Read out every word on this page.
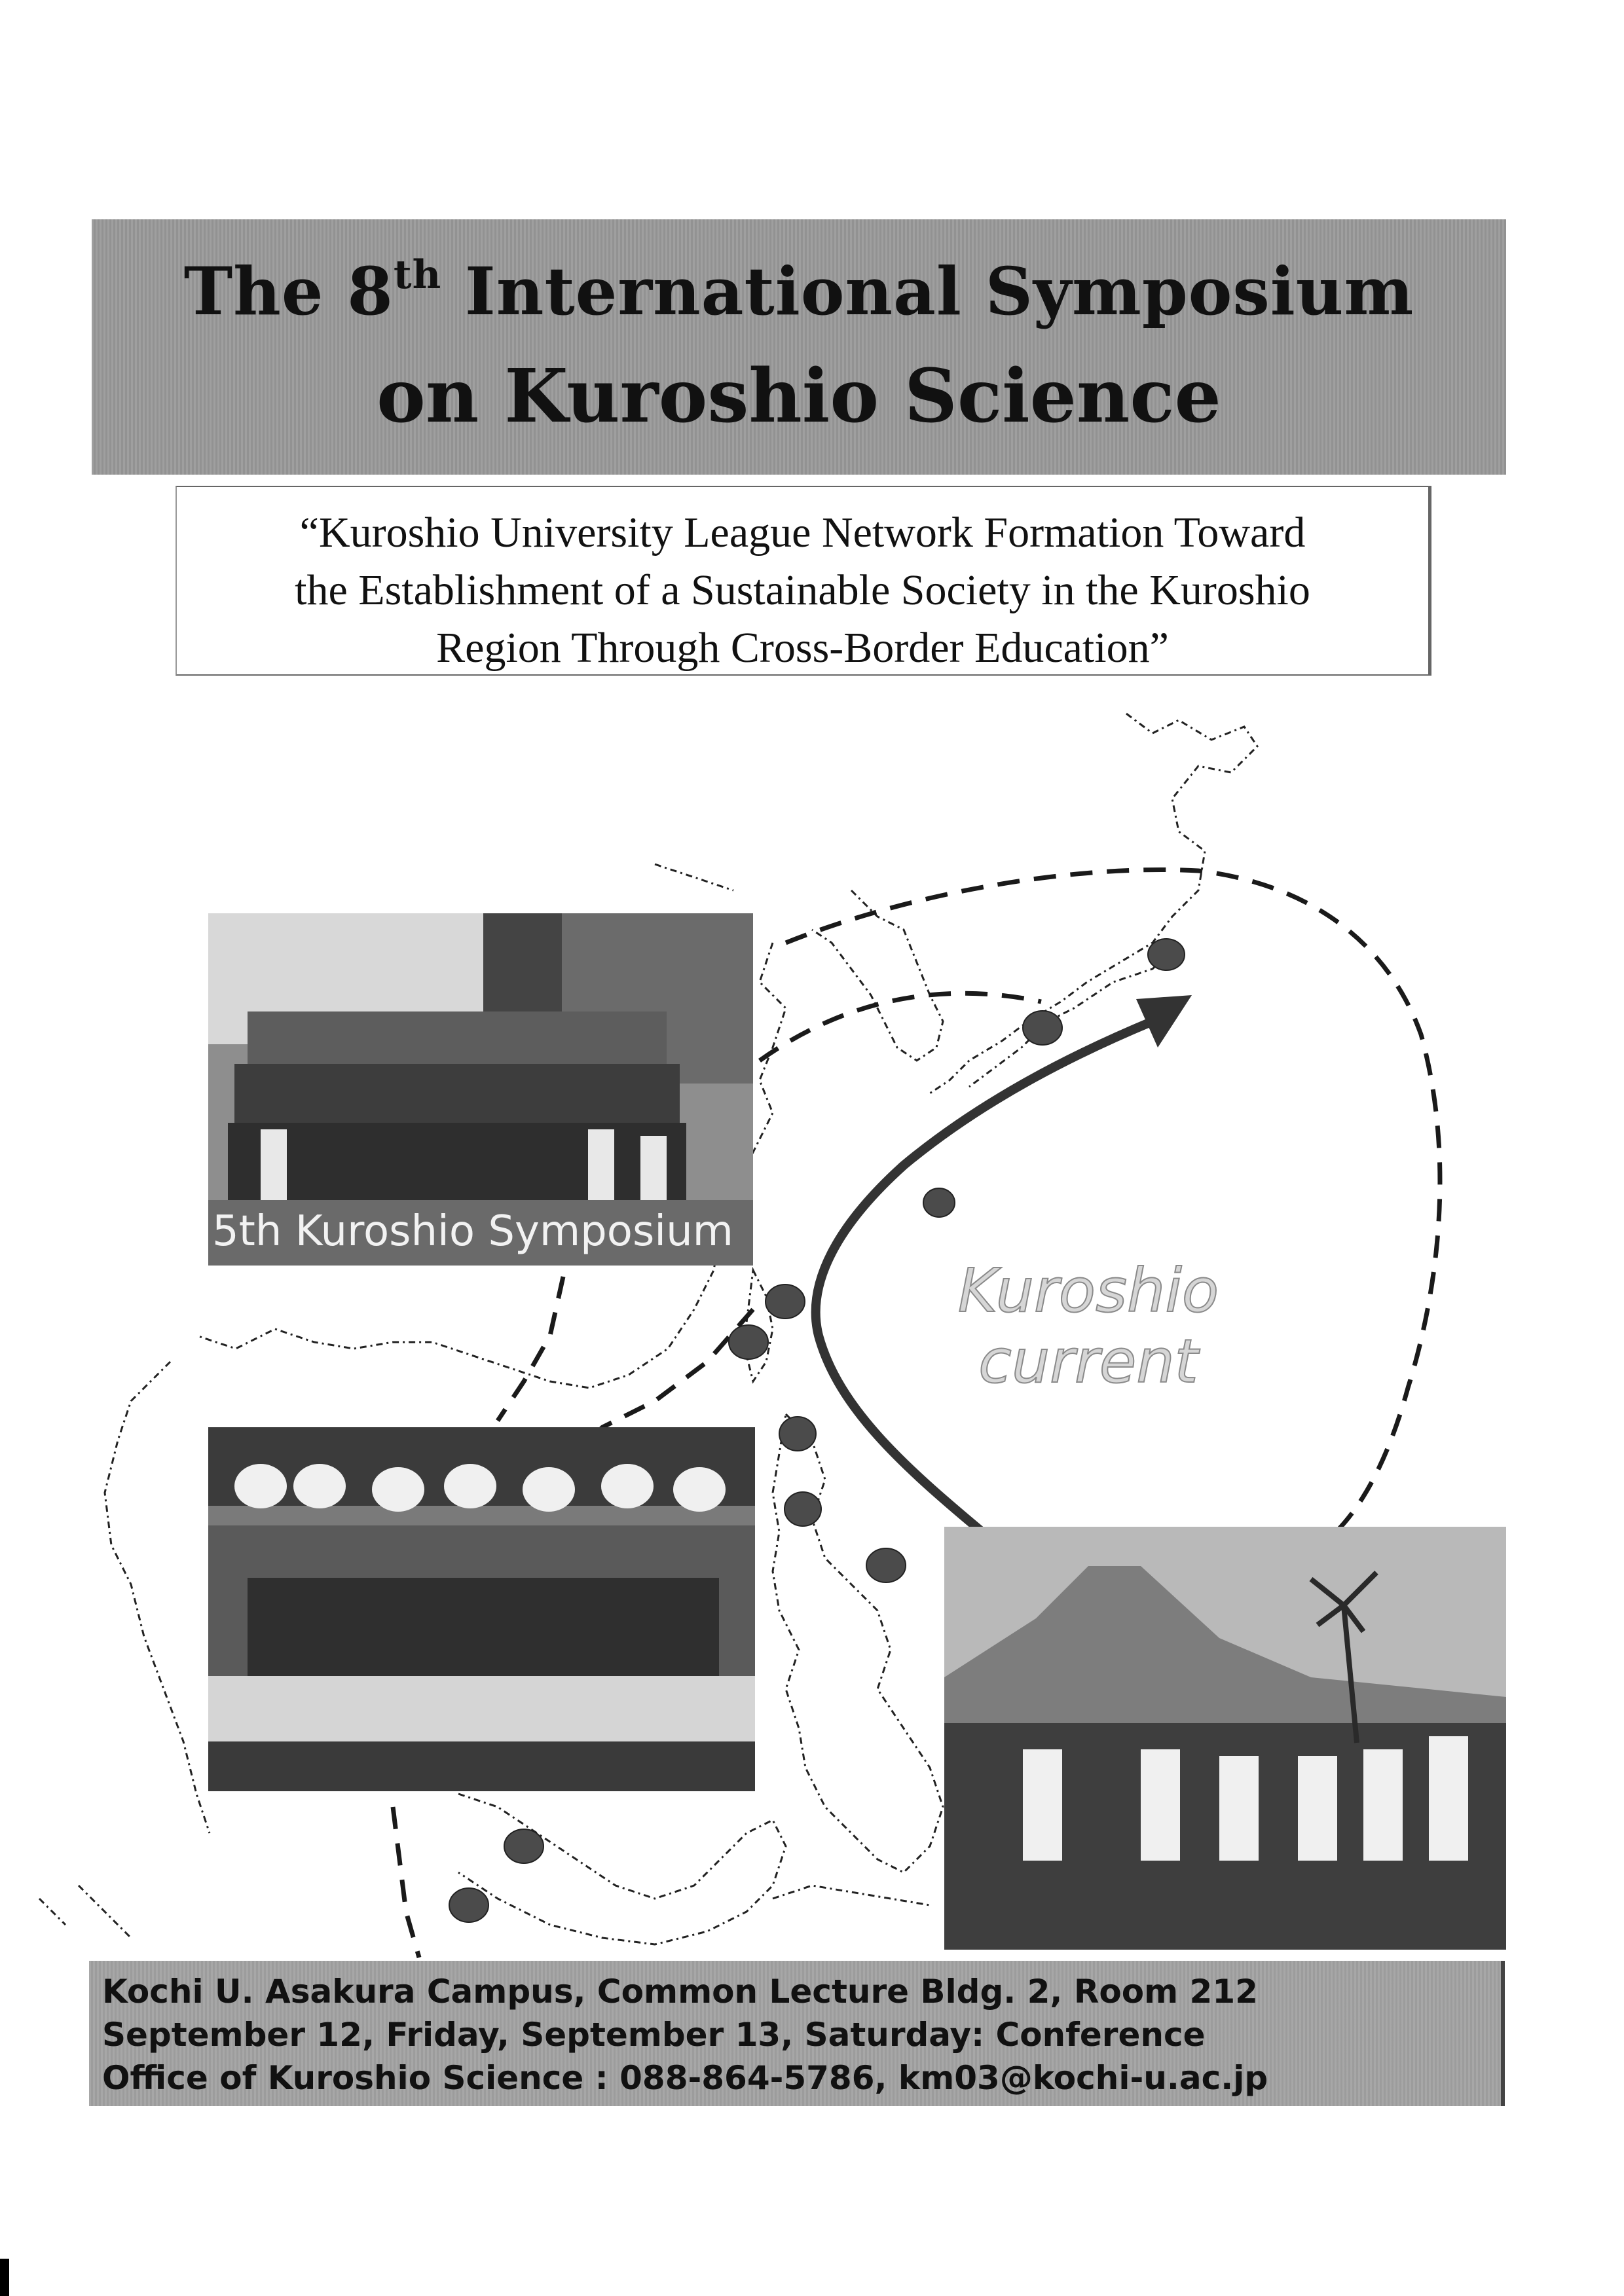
The 8th International Symposium
on Kuroshio Science
“Kuroshio University League Network Formation Toward
the Establishment of a Sustainable Society in the Kuroshio
Region Through Cross-Border Education”
Kuroshio
current
5th Kuroshio Symposium
Kochi U. Asakura Campus, Common Lecture Bldg. 2, Room 212
September 12, Friday, September 13, Saturday: Conference
Office of Kuroshio Science : 088-864-5786, km03@kochi-u.ac.jp
